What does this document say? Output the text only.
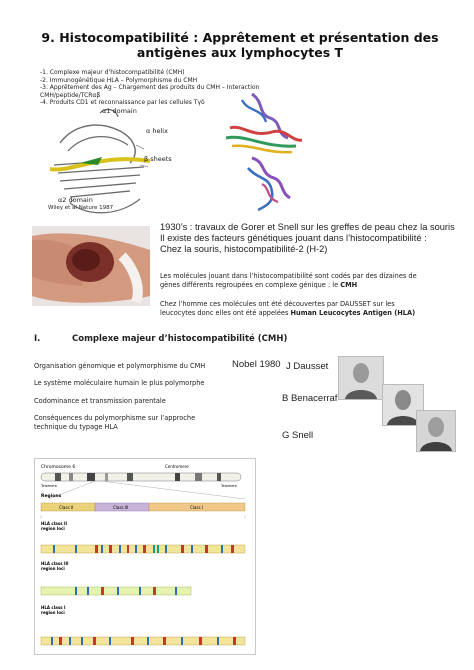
9. Histocompatibilité : Apprêtement et présentation des
antigènes aux lymphocytes T
-1. Complexe majeur d’histocompatibilité (CMH)
-2. Immunogénétique HLA – Polymorphisme du CMH
-3. Apprêtement des Ag – Chargement des produits du CMH – Interaction
CMH/peptide/TCRαβ
-4. Produits CD1 et reconnaissance par les cellules Tγδ
α1 domain
α helix
β sheets
α2 domain
Wiley et al Nature 1987
1930’s : travaux de Gorer et Snell sur les greffes de peau chez la souris
Il existe des facteurs génétiques jouant dans l’histocompatibilité :
Chez la souris, histocompatibilité-2 (H-2)
Les molécules jouant dans l’histocompatibilité sont codés par des dizaines de
gènes différents regroupées en complexe génique : le CMH
Chez l’homme ces molécules ont été découvertes par DAUSSET sur les
leucocytes donc elles ont été appelées Human Leucocytes Antigen (HLA)
I.	Complexe majeur d’histocompatibilité (CMH)
Organisation génomique et polymorphisme du CMH
Le système moléculaire humain le plus polymorphe
Codominance et transmission parentale
Conséquences du polymorphisme sur l’approche technique du typage HLA
Nobel 1980 J Dausset
B Benacerraf
G Snell
Chromosome 6	Centromere
Telomere	Telomere
Regions
Class II	Class III	Class I
HLA class II
region loci
HLA class III
region loci
HLA class I
region loci
